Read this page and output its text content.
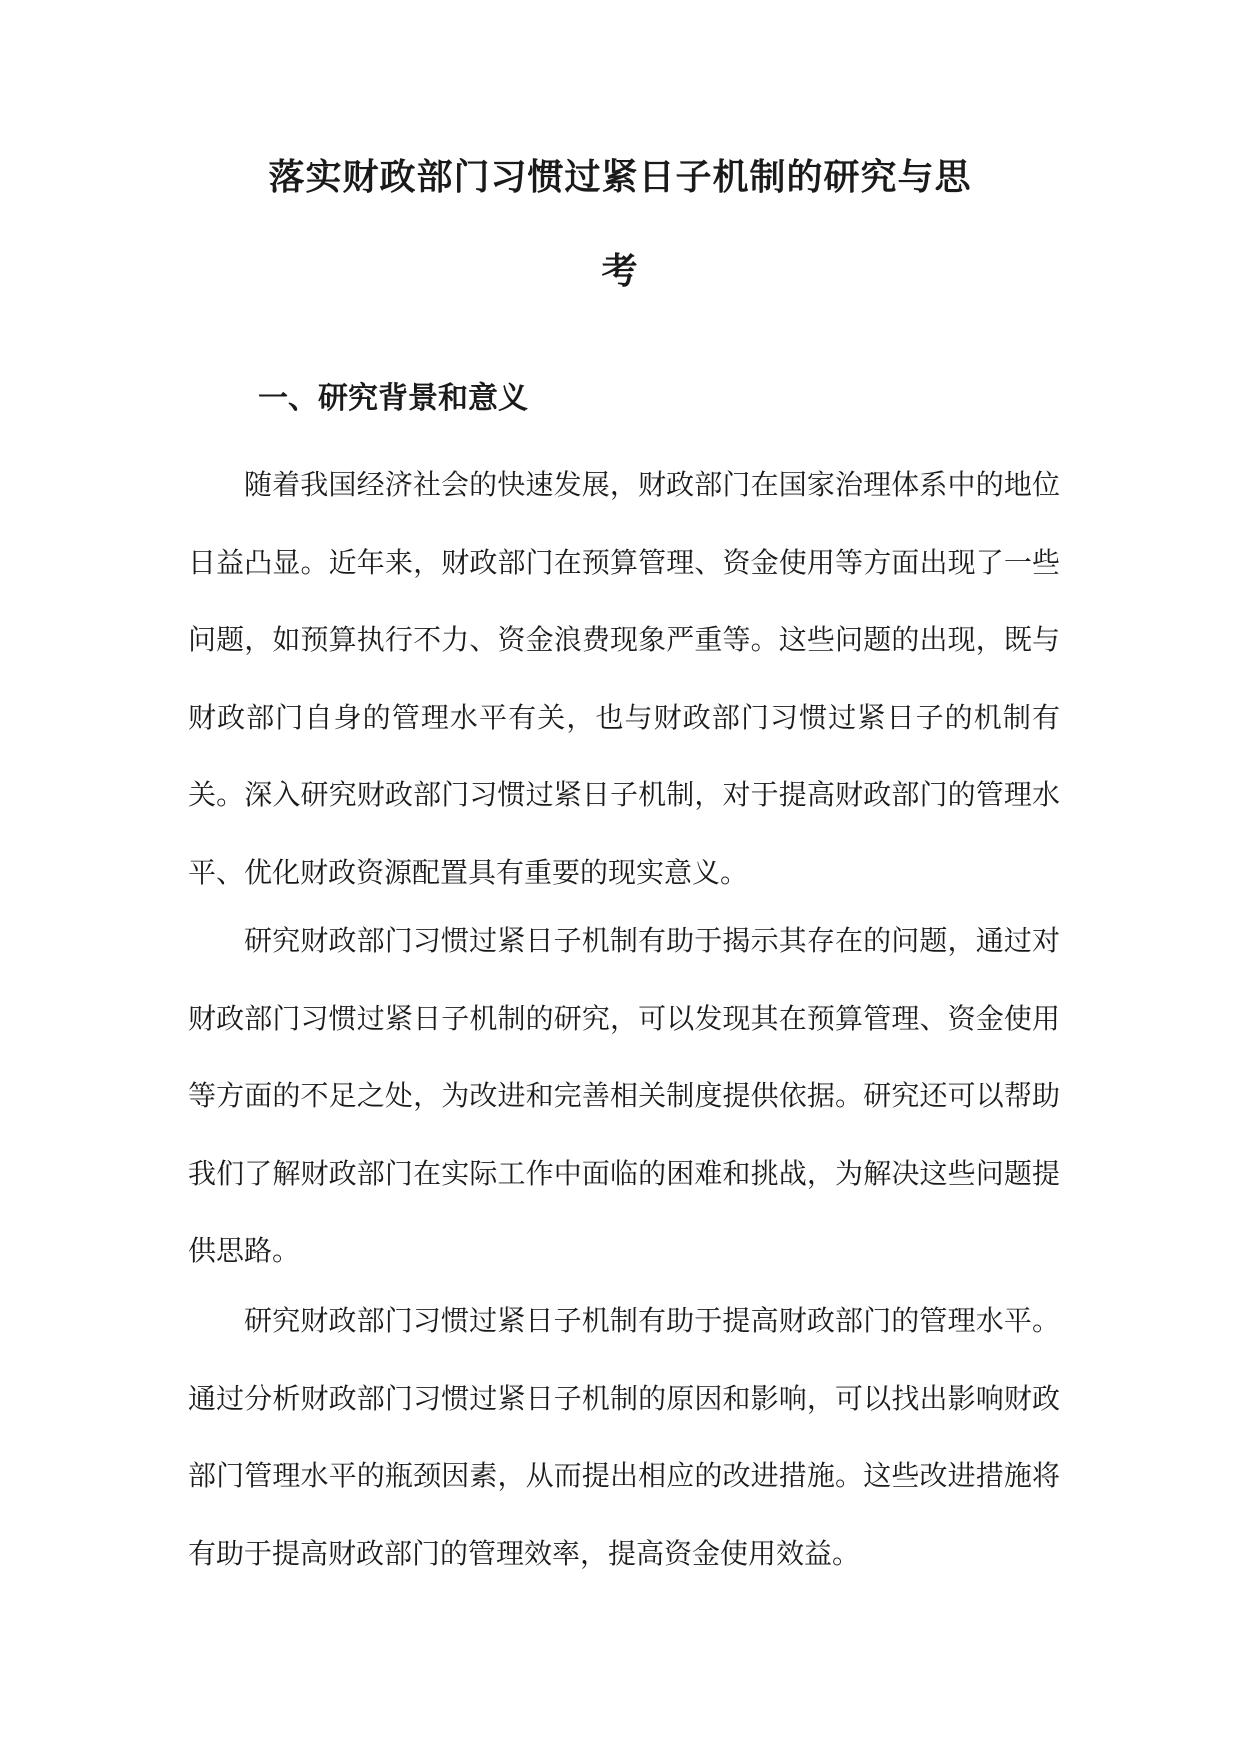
落实财政部门习惯过紧日子机制的研究与思
考
一、研究背景和意义

随着我国经济社会的快速发展，财政部门在国家治理体系中的地位日益凸显。近年来，财政部门在预算管理、资金使用等方面出现了一些问题，如预算执行不力、资金浪费现象严重等。这些问题的出现，既与财政部门自身的管理水平有关，也与财政部门习惯过紧日子的机制有关。深入研究财政部门习惯过紧日子机制，对于提高财政部门的管理水平、优化财政资源配置具有重要的现实意义。

研究财政部门习惯过紧日子机制有助于揭示其存在的问题，通过对财政部门习惯过紧日子机制的研究，可以发现其在预算管理、资金使用等方面的不足之处，为改进和完善相关制度提供依据。研究还可以帮助我们了解财政部门在实际工作中面临的困难和挑战，为解决这些问题提供思路。

研究财政部门习惯过紧日子机制有助于提高财政部门的管理水平。通过分析财政部门习惯过紧日子机制的原因和影响，可以找出影响财政部门管理水平的瓶颈因素，从而提出相应的改进措施。这些改进措施将有助于提高财政部门的管理效率，提高资金使用效益。
